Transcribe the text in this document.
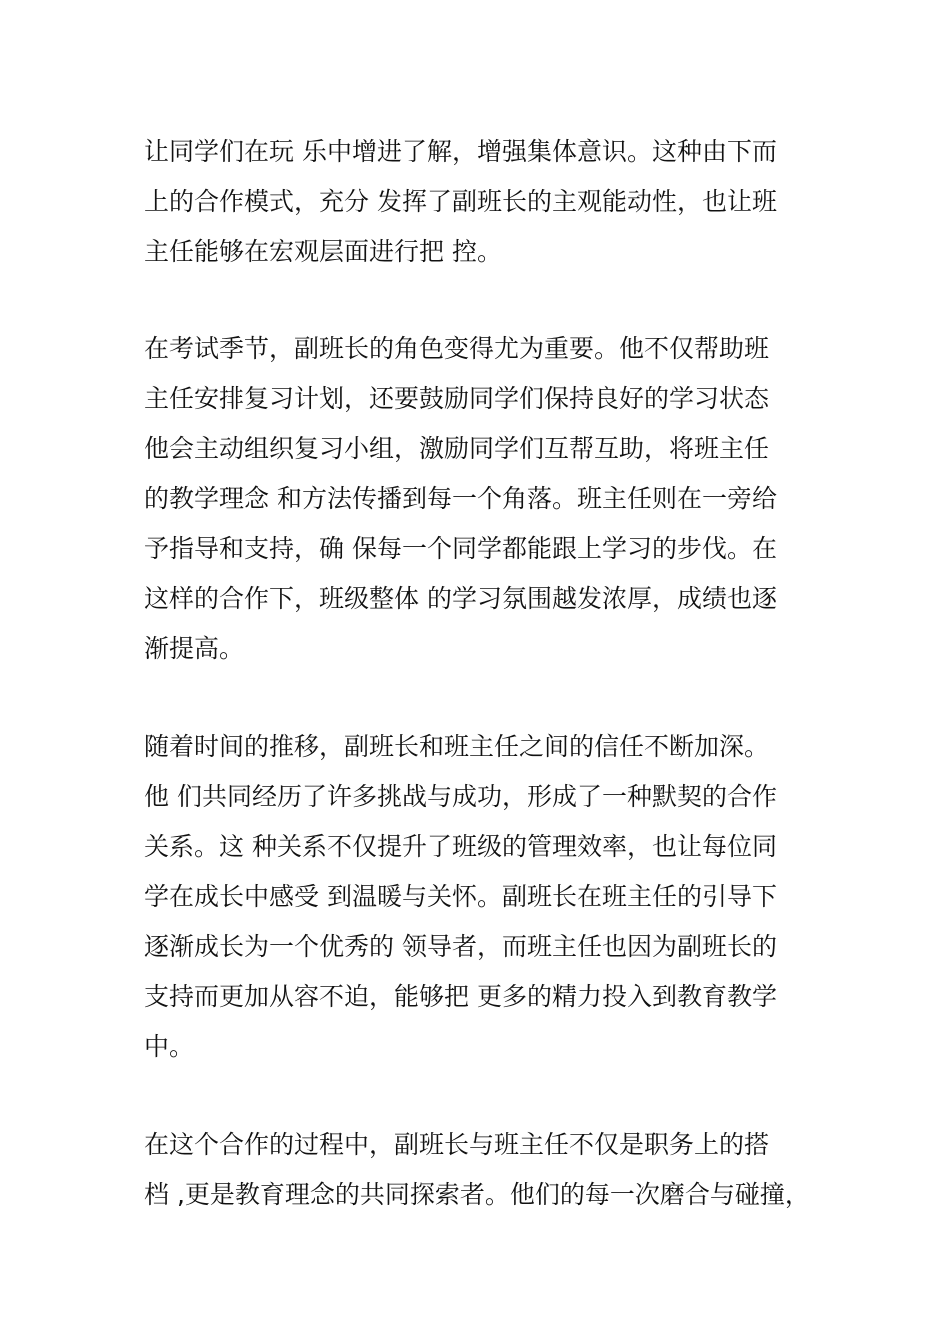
让同学们在玩 乐中增进了解，增强集体意识。这种由下而
上的合作模式，充分 发挥了副班长的主观能动性，也让班
主任能够在宏观层面进行把 控。
在考试季节，副班长的角色变得尤为重要。他不仅帮助班
主任安排复习计划，还要鼓励同学们保持良好的学习状态
他会主动组织复习小组，激励同学们互帮互助，将班主任
的教学理念 和方法传播到每一个角落。班主任则在一旁给
予指导和支持，确 保每一个同学都能跟上学习的步伐。在
这样的合作下，班级整体 的学习氛围越发浓厚，成绩也逐
渐提高。
随着时间的推移，副班长和班主任之间的信任不断加深。
他 们共同经历了许多挑战与成功，形成了一种默契的合作
关系。这 种关系不仅提升了班级的管理效率，也让每位同
学在成长中感受 到温暖与关怀。副班长在班主任的引导下
逐渐成长为一个优秀的 领导者，而班主任也因为副班长的
支持而更加从容不迫，能够把 更多的精力投入到教育教学
中。
在这个合作的过程中，副班长与班主任不仅是职务上的搭
档 ,更是教育理念的共同探索者。他们的每一次磨合与碰撞，
